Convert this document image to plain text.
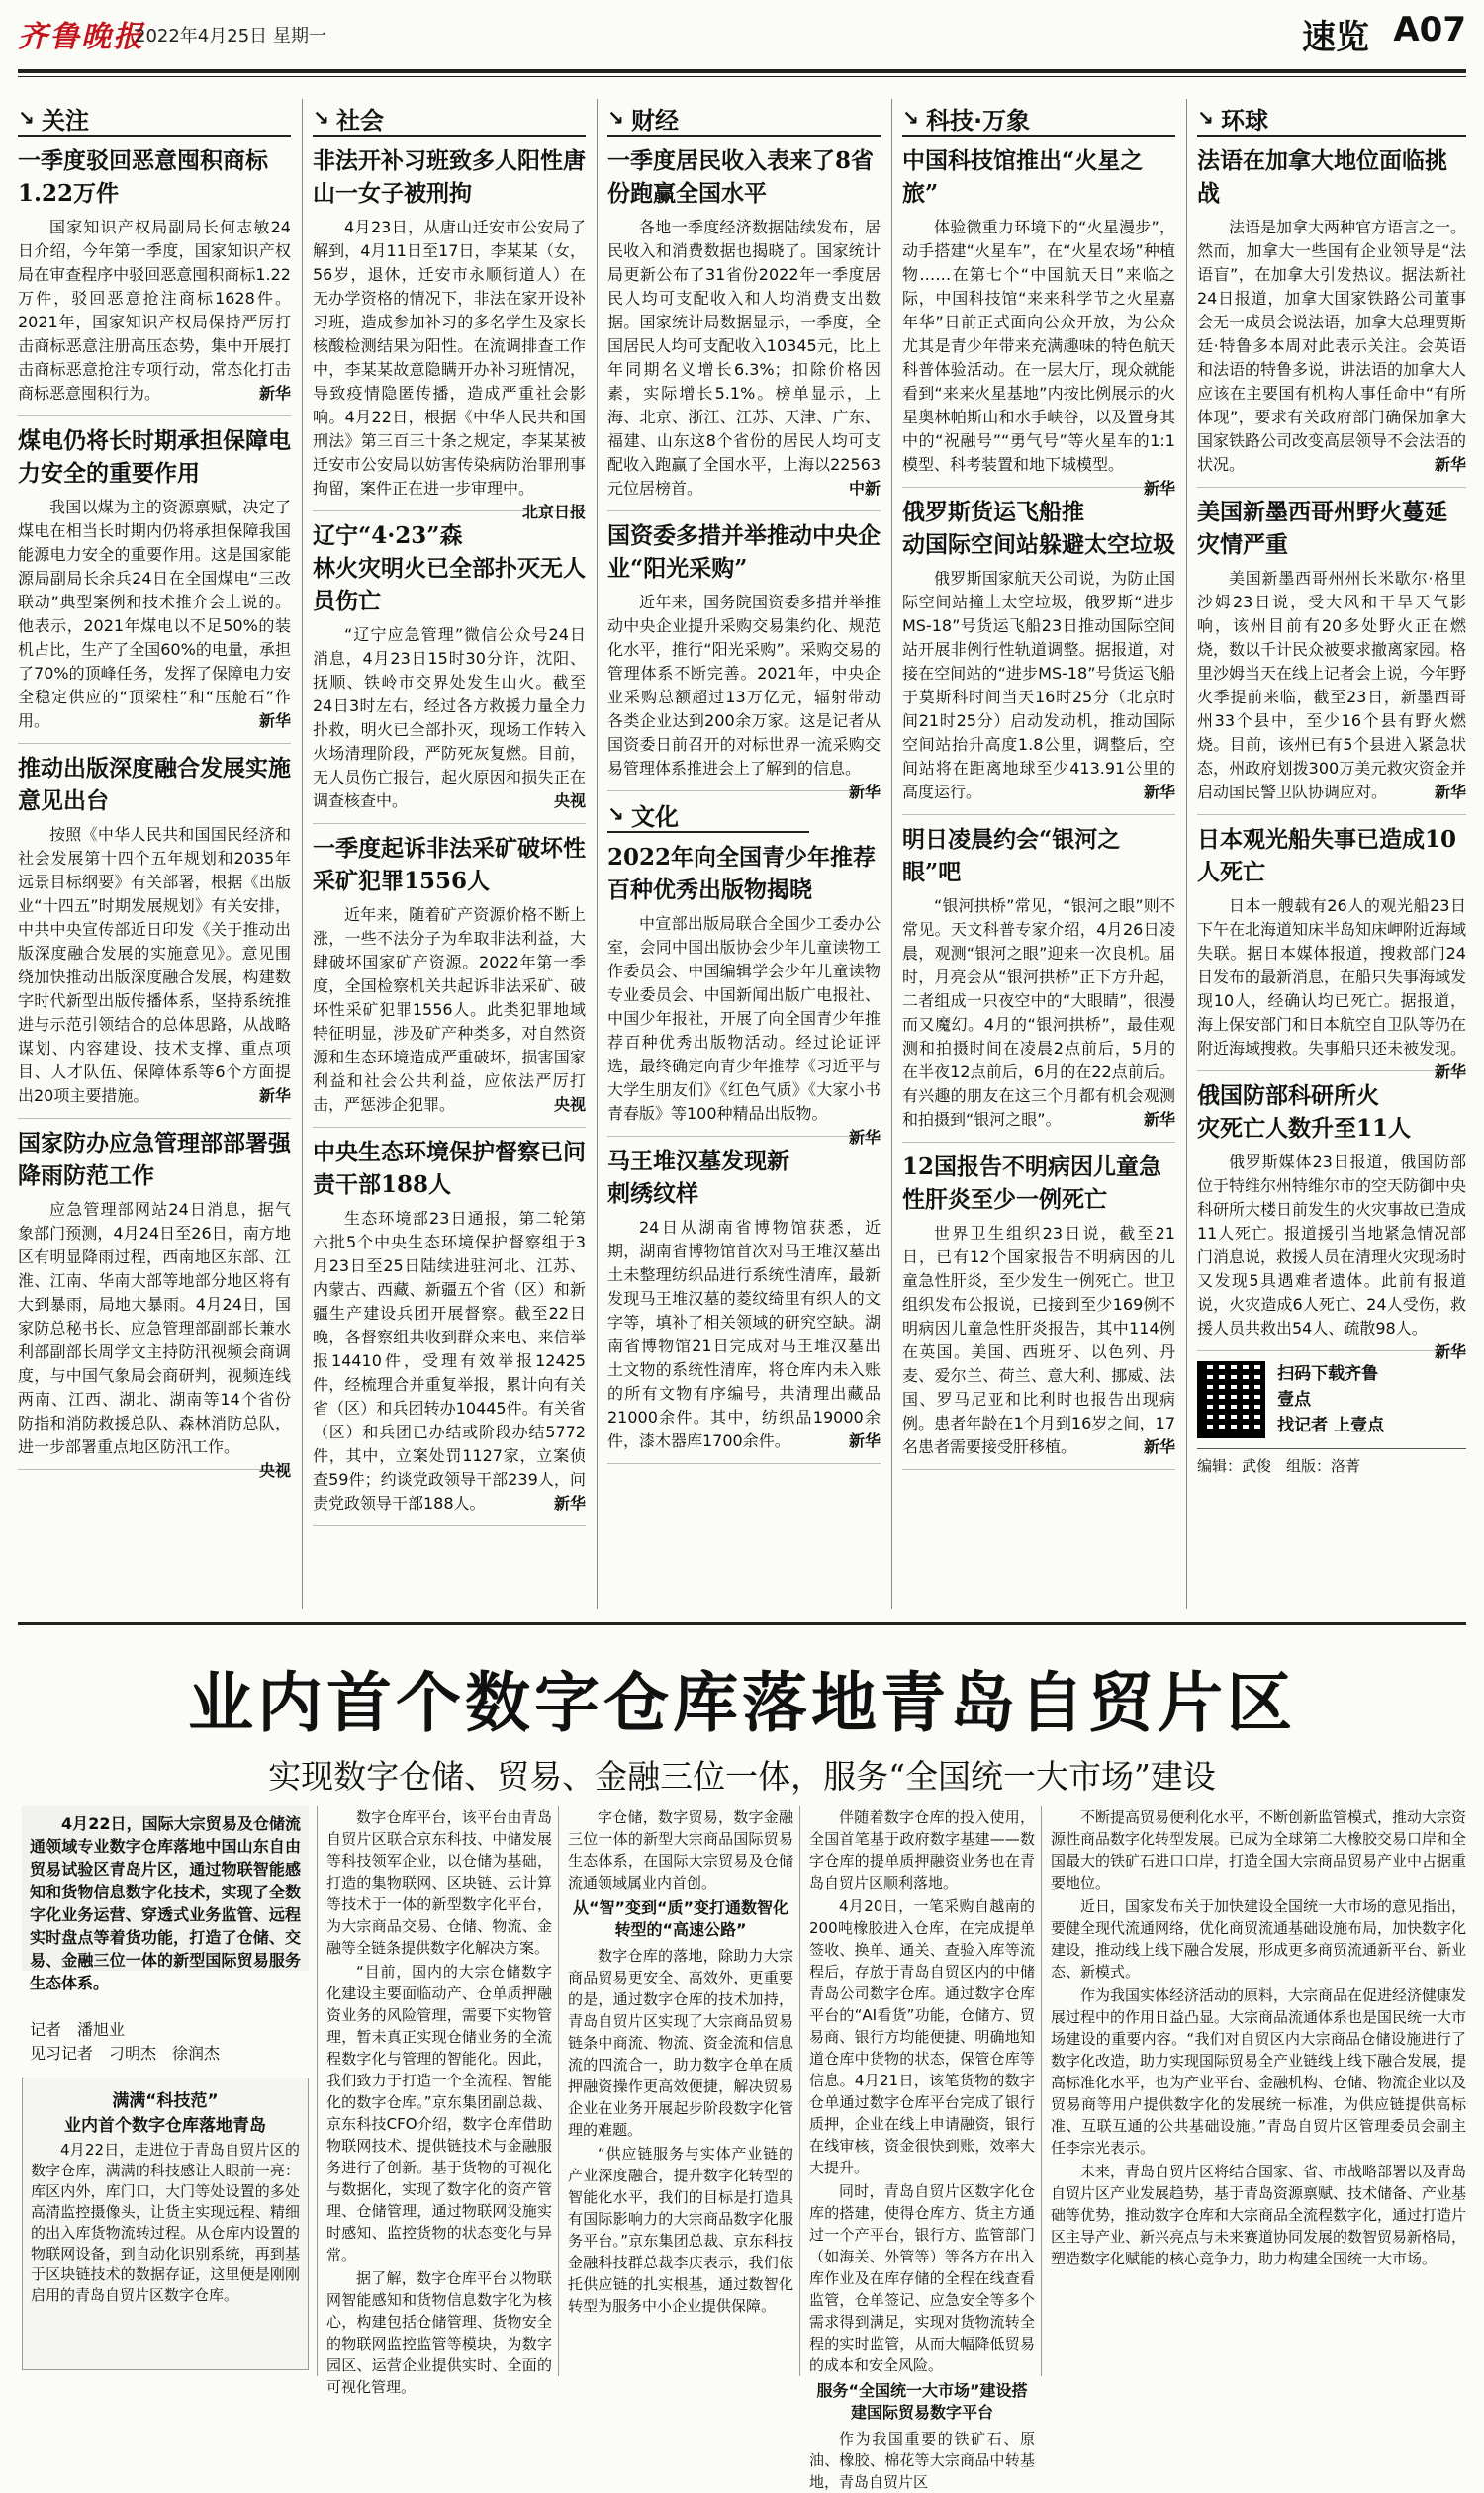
齐鲁晚报
2022年4月25日 星期一	速览 A07
↘ 关注
一季度驳回恶意囤积商标1.22万件

国家知识产权局副局长何志敏24日介绍，今年第一季度，国家知识产权局在审查程序中驳回恶意囤积商标1.22万件，驳回恶意抢注商标1628件。2021年，国家知识产权局保持严厉打击商标恶意注册高压态势，集中开展打击商标恶意抢注专项行动，常态化打击商标恶意囤积行为。	新华

煤电仍将长时期承担保障电力安全的重要作用

我国以煤为主的资源禀赋，决定了煤电在相当长时期内仍将承担保障我国能源电力安全的重要作用。这是国家能源局副局长余兵24日在全国煤电“三改联动”典型案例和技术推介会上说的。他表示，2021年煤电以不足50%的装机占比，生产了全国60%的电量，承担了70%的顶峰任务，发挥了保障电力安全稳定供应的“顶梁柱”和“压舱石”作用。	新华

推动出版深度融合发展实施意见出台

按照《中华人民共和国国民经济和社会发展第十四个五年规划和2035年远景目标纲要》有关部署，根据《出版业“十四五”时期发展规划》有关安排，中共中央宣传部近日印发《关于推动出版深度融合发展的实施意见》。意见围绕加快推动出版深度融合发展，构建数字时代新型出版传播体系，坚持系统推进与示范引领结合的总体思路，从战略谋划、内容建设、技术支撑、重点项目、人才队伍、保障体系等6个方面提出20项主要措施。	新华

国家防办应急管理部部署强降雨防范工作

应急管理部网站24日消息，据气象部门预测，4月24日至26日，南方地区有明显降雨过程，西南地区东部、江淮、江南、华南大部等地部分地区将有大到暴雨，局地大暴雨。4月24日，国家防总秘书长、应急管理部副部长兼水利部副部长周学文主持防汛视频会商调度，与中国气象局会商研判，视频连线两南、江西、湖北、湖南等14个省份防指和消防救援总队、森林消防总队，进一步部署重点地区防汛工作。
央视

↘ 社会
非法开补习班致多人阳性唐山一女子被刑拘

4月23日，从唐山迁安市公安局了解到，4月11日至17日，李某某（女，56岁，退休，迁安市永顺街道人）在无办学资格的情况下，非法在家开设补习班，造成参加补习的多名学生及家长核酸检测结果为阳性。在流调排查工作中，李某某故意隐瞒开办补习班情况，导致疫情隐匿传播，造成严重社会影响。4月22日，根据《中华人民共和国刑法》第三百三十条之规定，李某某被迁安市公安局以妨害传染病防治罪刑事拘留，案件正在进一步审理中。
北京日报

辽宁“4·23”森林火灾明火已全部扑灭无人员伤亡

“辽宁应急管理”微信公众号24日消息，4月23日15时30分许，沈阳、抚顺、铁岭市交界处发生山火。截至24日3时左右，经过各方救援力量全力扑救，明火已全部扑灭，现场工作转入火场清理阶段，严防死灰复燃。目前，无人员伤亡报告，起火原因和损失正在调查核查中。	央视

一季度起诉非法采矿破坏性采矿犯罪1556人

近年来，随着矿产资源价格不断上涨，一些不法分子为牟取非法利益，大肆破坏国家矿产资源。2022年第一季度，全国检察机关共起诉非法采矿、破坏性采矿犯罪1556人。此类犯罪地域特征明显，涉及矿产种类多，对自然资源和生态环境造成严重破坏，损害国家利益和社会公共利益，应依法严厉打击，严惩涉企犯罪。	央视

中央生态环境保护督察已问责干部188人

生态环境部23日通报，第二轮第六批5个中央生态环境保护督察组于3月23日至25日陆续进驻河北、江苏、内蒙古、西藏、新疆五个省（区）和新疆生产建设兵团开展督察。截至22日晚，各督察组共收到群众来电、来信举报14410件，受理有效举报12425件，经梳理合并重复举报，累计向有关省（区）和兵团转办10445件。有关省（区）和兵团已办结或阶段办结5772件，其中，立案处罚1127家，立案侦查59件；约谈党政领导干部239人，问责党政领导干部188人。	新华

↘ 财经
一季度居民收入表来了8省份跑赢全国水平

各地一季度经济数据陆续发布，居民收入和消费数据也揭晓了。国家统计局更新公布了31省份2022年一季度居民人均可支配收入和人均消费支出数据。国家统计局数据显示，一季度，全国居民人均可支配收入10345元，比上年同期名义增长6.3%；扣除价格因素，实际增长5.1%。榜单显示，上海、北京、浙江、江苏、天津、广东、福建、山东这8个省份的居民人均可支配收入跑赢了全国水平，上海以22563元位居榜首。	中新

国资委多措并举推动中央企业“阳光采购”

近年来，国务院国资委多措并举推动中央企业提升采购交易集约化、规范化水平，推行“阳光采购”。采购交易的管理体系不断完善。2021年，中央企业采购总额超过13万亿元，辐射带动各类企业达到200余万家。这是记者从国资委日前召开的对标世界一流采购交易管理体系推进会上了解到的信息。
新华

↘ 文化
2022年向全国青少年推荐百种优秀出版物揭晓

中宣部出版局联合全国少工委办公室，会同中国出版协会少年儿童读物工作委员会、中国编辑学会少年儿童读物专业委员会、中国新闻出版广电报社、中国少年报社，开展了向全国青少年推荐百种优秀出版物活动。经过论证评选，最终确定向青少年推荐《习近平与大学生朋友们》《红色气质》《大家小书青春版》等100种精品出版物。
新华

马王堆汉墓发现新刺绣纹样

24日从湖南省博物馆获悉，近期，湖南省博物馆首次对马王堆汉墓出土未整理纺织品进行系统性清库，最新发现马王堆汉墓的菱纹绮里有织人的文字等，填补了相关领域的研究空缺。湖南省博物馆21日完成对马王堆汉墓出土文物的系统性清库，将仓库内未入账的所有文物有序编号，共清理出藏品21000余件。其中，纺织品19000余件，漆木器库1700余件。	新华

↘ 科技·万象
中国科技馆推出“火星之旅”

体验微重力环境下的“火星漫步”，动手搭建“火星车”，在“火星农场”种植物……在第七个“中国航天日”来临之际，中国科技馆“来来科学节之火星嘉年华”日前正式面向公众开放，为公众尤其是青少年带来充满趣味的特色航天科普体验活动。在一层大厅，现众就能看到“来来火星基地”内按比例展示的火星奥林帕斯山和水手峡谷，以及置身其中的“祝融号”“勇气号”等火星车的1:1模型、科考装置和地下城模型。
新华

俄罗斯货运飞船推动国际空间站躲避太空垃圾

俄罗斯国家航天公司说，为防止国际空间站撞上太空垃圾，俄罗斯“进步MS-18”号货运飞船23日推动国际空间站开展非例行性轨道调整。据报道，对接在空间站的“进步MS-18”号货运飞船于莫斯科时间当天16时25分（北京时间21时25分）启动发动机，推动国际空间站抬升高度1.8公里，调整后，空间站将在距离地球至少413.91公里的高度运行。	新华

明日凌晨约会“银河之眼”吧

“银河拱桥”常见，“银河之眼”则不常见。天文科普专家介绍，4月26日凌晨，观测“银河之眼”迎来一次良机。届时，月亮会从“银河拱桥”正下方升起，二者组成一只夜空中的“大眼睛”，很漫而又魔幻。4月的“银河拱桥”，最佳观测和拍摄时间在凌晨2点前后，5月的在半夜12点前后，6月的在22点前后。有兴趣的朋友在这三个月都有机会观测和拍摄到“银河之眼”。	新华

12国报告不明病因儿童急性肝炎至少一例死亡

世界卫生组织23日说，截至21日，已有12个国家报告不明病因的儿童急性肝炎，至少发生一例死亡。世卫组织发布公报说，已接到至少169例不明病因儿童急性肝炎报告，其中114例在英国。美国、西班牙、以色列、丹麦、爱尔兰、荷兰、意大利、挪威、法国、罗马尼亚和比利时也报告出现病例。患者年龄在1个月到16岁之间，17名患者需要接受肝移植。	新华

↘ 环球
法语在加拿大地位面临挑战

法语是加拿大两种官方语言之一。然而，加拿大一些国有企业领导是“法语盲”，在加拿大引发热议。据法新社24日报道，加拿大国家铁路公司董事会无一成员会说法语，加拿大总理贾斯廷·特鲁多本周对此表示关注。会英语和法语的特鲁多说，讲法语的加拿大人应该在主要国有机构人事任命中“有所体现”，要求有关政府部门确保加拿大国家铁路公司改变高层领导不会法语的状况。	新华

美国新墨西哥州野火蔓延灾情严重

美国新墨西哥州州长米歇尔·格里沙姆23日说，受大风和干旱天气影响，该州目前有20多处野火正在燃烧，数以千计民众被要求撤离家园。格里沙姆当天在线上记者会上说，今年野火季提前来临，截至23日，新墨西哥州33个县中，至少16个县有野火燃烧。目前，该州已有5个县进入紧急状态，州政府划拨300万美元救灾资金并启动国民警卫队协调应对。	新华

日本观光船失事已造成10人死亡

日本一艘载有26人的观光船23日下午在北海道知床半岛知床岬附近海域失联。据日本媒体报道，搜救部门24日发布的最新消息，在船只失事海域发现10人，经确认均已死亡。据报道，海上保安部门和日本航空自卫队等仍在附近海域搜救。失事船只还未被发现。
新华

俄国防部科研所火灾死亡人数升至11人

俄罗斯媒体23日报道，俄国防部位于特维尔州特维尔市的空天防御中央科研所大楼日前发生的火灾事故已造成11人死亡。报道援引当地紧急情况部门消息说，救援人员在清理火灾现场时又发现5具遇难者遗体。此前有报道说，火灾造成6人死亡、24人受伤，救援人员共救出54人、疏散98人。
新华

扫码下载齐鲁壹点
找记者 上壹点
编辑：武俊　组版：洛菁
业内首个数字仓库落地青岛自贸片区
实现数字仓储、贸易、金融三位一体，服务“全国统一大市场”建设
4月22日，国际大宗贸易及仓储流通领域专业数字仓库落地中国山东自由贸易试验区青岛片区，通过物联智能感知和货物信息数字化技术，实现了全数字化业务运营、穿透式业务监管、远程实时盘点等着货功能，打造了仓储、交易、金融三位一体的新型国际贸易服务生态体系。
记者　潘旭业
见习记者　刁明杰　徐润杰
满满“科技范”
业内首个数字仓库落地青岛
4月22日，走进位于青岛自贸片区的数字仓库，满满的科技感让人眼前一亮：库区内外，库门口，大门等处设置的多处高清监控摄像头，让货主实现远程、精细的出入库货物流转过程。从仓库内设置的物联网设备，到自动化识别系统，再到基于区块链技术的数据存证，这里便是刚刚启用的青岛自贸片区数字仓库。

数字仓库平台，该平台由青岛自贸片区联合京东科技、中储发展等科技领军企业，以仓储为基础，打造的集物联网、区块链、云计算等技术于一体的新型数字化平台，为大宗商品交易、仓储、物流、金融等全链条提供数字化解决方案。

“目前，国内的大宗仓储数字化建设主要面临动产、仓单质押融资业务的风险管理，需要下实物管理，暂未真正实现仓储业务的全流程数字化与管理的智能化。因此，我们致力于打造一个全流程、智能化的数字仓库。”京东集团副总裁、京东科技CFO介绍，数字仓库借助物联网技术、提供链技术与金融服务进行了创新。基于货物的可视化与数据化，实现了数字化的资产管理、仓储管理，通过物联网设施实时感知、监控货物的状态变化与异常。

据了解，数字仓库平台以物联网智能感知和货物信息数字化为核心，构建包括仓储管理、货物安全的物联网监控监管等模块，为数字园区、运营企业提供实时、全面的可视化管理。

字仓储，数字贸易，数字金融三位一体的新型大宗商品国际贸易生态体系，在国际大宗贸易及仓储流通领域属业内首创。

从“智”变到“质”变打通数智化转型的“高速公路”

数字仓库的落地，除助力大宗商品贸易更安全、高效外，更重要的是，通过数字仓库的技术加持，青岛自贸片区实现了大宗商品贸易链条中商流、物流、资金流和信息流的四流合一，助力数字仓单在质押融资操作更高效便捷，解决贸易企业在业务开展起步阶段数字化管理的难题。

“供应链服务与实体产业链的产业深度融合，提升数字化转型的智能化水平，我们的目标是打造具有国际影响力的大宗商品数字化服务平台。”京东集团总裁、京东科技金融科技群总裁李庆表示，我们依托供应链的扎实根基，通过数智化转型为服务中小企业提供保障。

伴随着数字仓库的投入使用，全国首笔基于政府数字基建——数字仓库的提单质押融资业务也在青岛自贸片区顺利落地。

4月20日，一笔采购自越南的200吨橡胶进入仓库，在完成提单签收、换单、通关、查验入库等流程后，存放于青岛自贸区内的中储青岛公司数字仓库。通过数字仓库平台的“AI看货”功能，仓储方、贸易商、银行方均能便捷、明确地知道仓库中货物的状态，保管仓库等信息。4月21日，该笔货物的数字仓单通过数字仓库平台完成了银行质押，企业在线上申请融资，银行在线审核，资金很快到账，效率大大提升。

同时，青岛自贸片区数字化仓库的搭建，使得仓库方、货主方通过一个产平台，银行方、监管部门（如海关、外管等）等各方在出入库作业及在库存储的全程在线查看监管，仓单签记、应急安全等多个需求得到满足，实现对货物流转全程的实时监管，从而大幅降低贸易的成本和安全风险。

服务“全国统一大市场”建设搭建国际贸易数字平台

作为我国重要的铁矿石、原油、橡胶、棉花等大宗商品中转基地，青岛自贸片区

不断提高贸易便利化水平，不断创新监管模式，推动大宗资源性商品数字化转型发展。已成为全球第二大橡胶交易口岸和全国最大的铁矿石进口口岸，打造全国大宗商品贸易产业中占据重要地位。

近日，国家发布关于加快建设全国统一大市场的意见指出，要健全现代流通网络，优化商贸流通基础设施布局，加快数字化建设，推动线上线下融合发展，形成更多商贸流通新平台、新业态、新模式。

作为我国实体经济活动的原料，大宗商品在促进经济健康发展过程中的作用日益凸显。大宗商品流通体系也是国民统一大市场建设的重要内容。“我们对自贸区内大宗商品仓储设施进行了数字化改造，助力实现国际贸易全产业链线上线下融合发展，提高标准化水平，也为产业平台、金融机构、仓储、物流企业以及贸易商等用户提供数字化的发展统一标准，为供应链提供高标准、互联互通的公共基础设施。”青岛自贸片区管理委员会副主任李宗光表示。

未来，青岛自贸片区将结合国家、省、市战略部署以及青岛自贸片区产业发展趋势，基于青岛资源禀赋、技术储备、产业基础等优势，推动数字仓库和大宗商品全流程数字化，通过打造片区主导产业、新兴亮点与未来赛道协同发展的数智贸易新格局，塑造数字化赋能的核心竞争力，助力构建全国统一大市场。
